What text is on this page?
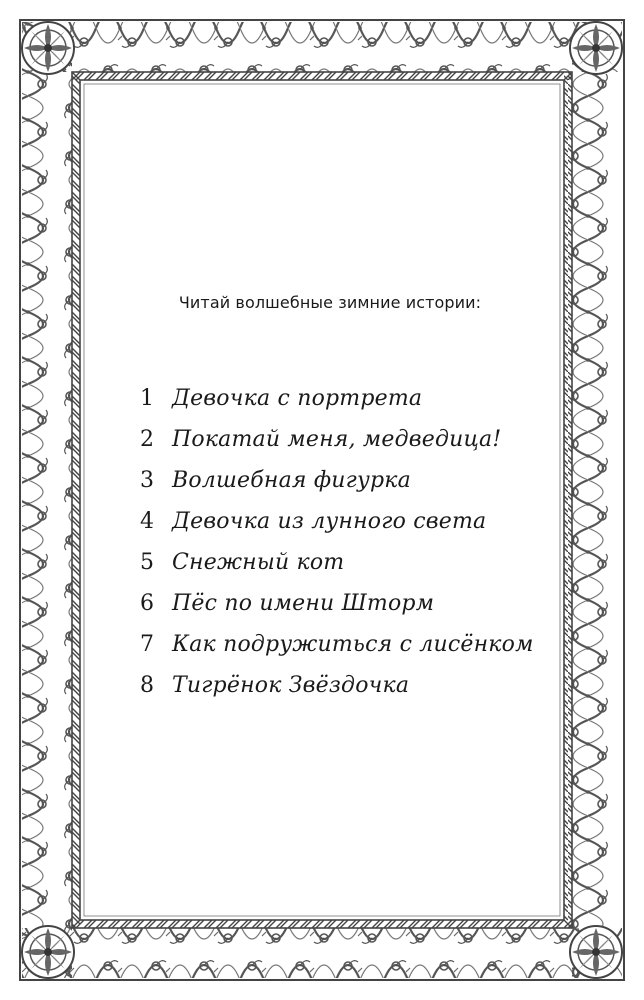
Читай волшебные зимние истории:

1 Девочка с портрета
2 Покатай меня, медведица!
3 Волшебная фигурка
4 Девочка из лунного света
5 Снежный кот
6 Пёс по имени Шторм
7 Как подружиться с лисёнком
8 Тигрёнок Звёздочка
